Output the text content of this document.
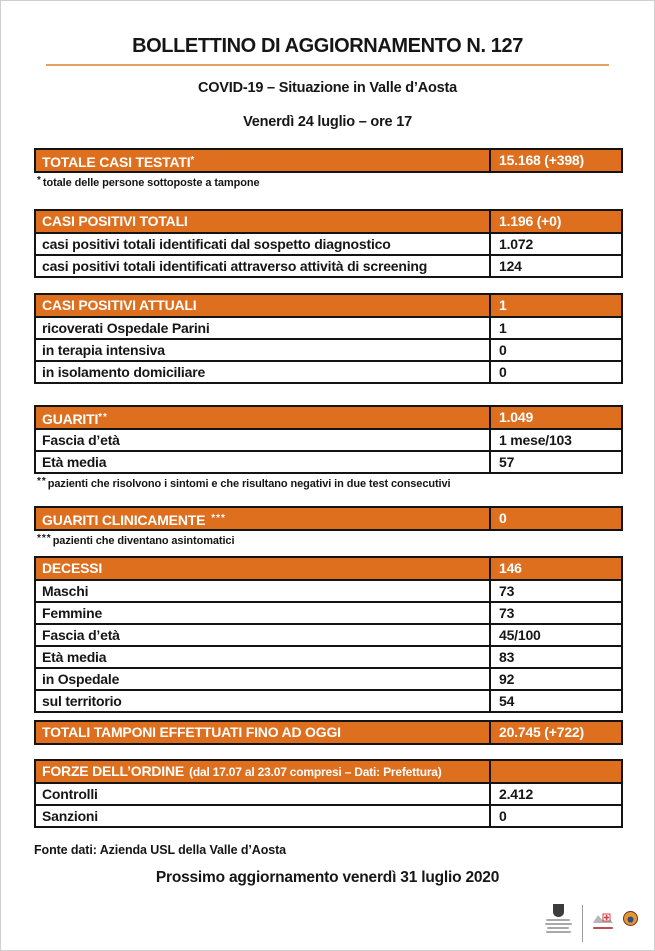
BOLLETTINO DI AGGIORNAMENTO N. 127
COVID-19 – Situazione in Valle d’Aosta
Venerdì 24 luglio – ore 17
TOTALE CASI TESTATI*	15.168 (+398)
*totale delle persone sottoposte a tampone
CASI POSITIVI TOTALI	1.196 (+0)
casi positivi totali identificati dal sospetto diagnostico	1.072
casi positivi totali identificati attraverso attività di screening	124
CASI POSITIVI ATTUALI	1
ricoverati Ospedale Parini	1
in terapia intensiva	0
in isolamento domiciliare	0
GUARITI**	1.049
Fascia d’età	1 mese/103
Età media	57
**pazienti che risolvono i sintomi e che risultano negativi in due test consecutivi
GUARITI CLINICAMENTE ***	0
***pazienti che diventano asintomatici
DECESSI	146
Maschi	73
Femmine	73
Fascia d’età	45/100
Età media	83
in Ospedale	92
sul territorio	54
TOTALI TAMPONI EFFETTUATI FINO AD OGGI	20.745 (+722)
FORZE DELL’ORDINE (dal 17.07 al 23.07 compresi – Dati: Prefettura)
Controlli	2.412
Sanzioni	0
Fonte dati: Azienda USL della Valle d’Aosta
Prossimo aggiornamento venerdì 31 luglio 2020
